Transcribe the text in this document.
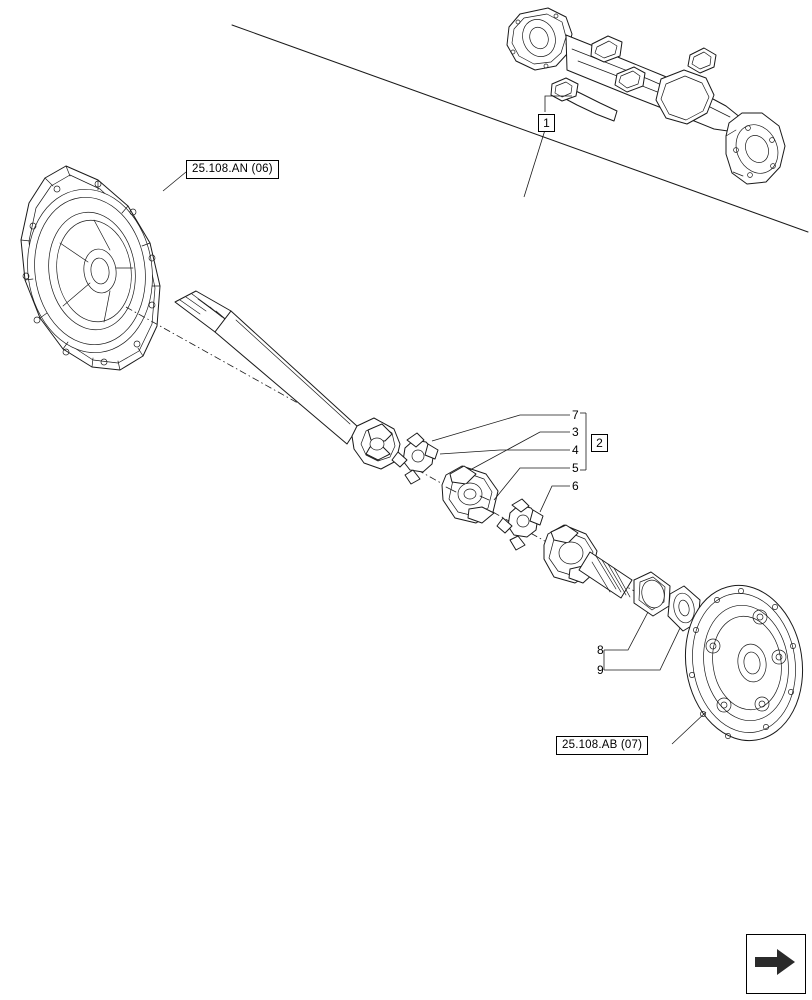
25.108.AN (06)
25.108.AB (07)
1
2
7
3
4
5
6
8
9
